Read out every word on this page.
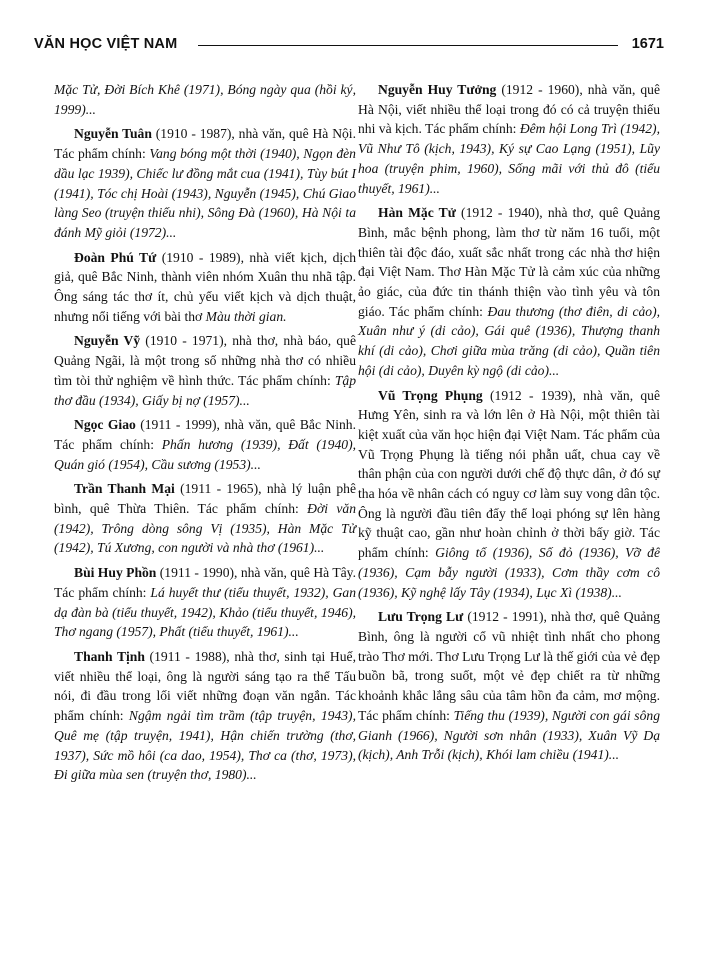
VĂN HỌC VIỆT NAM	1671

Mặc Tử, Đời Bích Khê (1971), Bóng ngày qua (hồi ký, 1999)...

Nguyễn Tuân (1910 - 1987), nhà văn, quê Hà Nội. Tác phẩm chính: Vang bóng một thời (1940), Ngọn đèn dầu lạc 1939), Chiếc lư đồng mắt cua (1941), Tùy bút I (1941), Tóc chị Hoài (1943), Nguyễn (1945), Chú Giao làng Seo (truyện thiếu nhi), Sông Đà (1960), Hà Nội ta đánh Mỹ giỏi (1972)...

Đoàn Phú Tứ (1910 - 1989), nhà viết kịch, dịch giả, quê Bắc Ninh, thành viên nhóm Xuân thu nhã tập. Ông sáng tác thơ ít, chủ yếu viết kịch và dịch thuật, nhưng nổi tiếng với bài thơ Màu thời gian.

Nguyễn Vỹ (1910 - 1971), nhà thơ, nhà báo, quê Quảng Ngãi, là một trong số những nhà thơ có nhiều tìm tòi thử nghiệm về hình thức. Tác phẩm chính: Tập thơ đầu (1934), Giấy bị nợ (1957)...

Ngọc Giao (1911 - 1999), nhà văn, quê Bắc Ninh. Tác phẩm chính: Phấn hương (1939), Đất (1940), Quán gió (1954), Cầu sương (1953)...

Trần Thanh Mại (1911 - 1965), nhà lý luận phê bình, quê Thừa Thiên. Tác phẩm chính: Đời văn (1942), Trông dòng sông Vị (1935), Hàn Mặc Tử (1942), Tú Xương, con người và nhà thơ (1961)...

Bùi Huy Phồn (1911 - 1990), nhà văn, quê Hà Tây. Tác phẩm chính: Lá huyết thư (tiểu thuyết, 1932), Gan dạ đàn bà (tiểu thuyết, 1942), Khảo (tiểu thuyết, 1946), Thơ ngang (1957), Phất (tiểu thuyết, 1961)...

Thanh Tịnh (1911 - 1988), nhà thơ, sinh tại Huế, viết nhiều thể loại, ông là người sáng tạo ra thể Tấu nói, đi đầu trong lối viết những đoạn văn ngắn. Tác phẩm chính: Ngậm ngải tìm trầm (tập truyện, 1943), Quê mẹ (tập truyện, 1941), Hận chiến trường (thơ, 1937), Sức mồ hôi (ca dao, 1954), Thơ ca (thơ, 1973), Đi giữa mùa sen (truyện thơ, 1980)...

Nguyễn Huy Tưởng (1912 - 1960), nhà văn, quê Hà Nội, viết nhiều thể loại trong đó có cả truyện thiếu nhi và kịch. Tác phẩm chính: Đêm hội Long Trì (1942), Vũ Như Tô (kịch, 1943), Ký sự Cao Lạng (1951), Lũy hoa (truyện phim, 1960), Sống mãi với thủ đô (tiểu thuyết, 1961)...

Hàn Mặc Tử (1912 - 1940), nhà thơ, quê Quảng Bình, mắc bệnh phong, làm thơ từ năm 16 tuổi, một thiên tài độc đáo, xuất sắc nhất trong các nhà thơ hiện đại Việt Nam. Thơ Hàn Mặc Tử là cảm xúc của những ảo giác, của đức tin thánh thiện vào tình yêu và tôn giáo. Tác phẩm chính: Đau thương (thơ điên, di cảo), Xuân như ý (di cảo), Gái quê (1936), Thượng thanh khí (di cảo), Chơi giữa mùa trăng (di cảo), Quần tiên hội (di cảo), Duyên kỳ ngộ (di cảo)...

Vũ Trọng Phụng (1912 - 1939), nhà văn, quê Hưng Yên, sinh ra và lớn lên ở Hà Nội, một thiên tài kiệt xuất của văn học hiện đại Việt Nam. Tác phẩm của Vũ Trọng Phụng là tiếng nói phẫn uất, chua cay về thân phận của con người dưới chế độ thực dân, ở đó sự tha hóa về nhân cách có nguy cơ làm suy vong dân tộc. Ông là người đầu tiên đẩy thể loại phóng sự lên hàng kỹ thuật cao, gần như hoàn chỉnh ở thời bấy giờ. Tác phẩm chính: Giông tố (1936), Số đỏ (1936), Vỡ đê (1936), Cạm bẫy người (1933), Cơm thầy cơm cô (1936), Kỹ nghệ lấy Tây (1934), Lục Xì (1938)...

Lưu Trọng Lư (1912 - 1991), nhà thơ, quê Quảng Bình, ông là người cổ vũ nhiệt tình nhất cho phong trào Thơ mới. Thơ Lưu Trọng Lư là thế giới của vẻ đẹp buồn bã, trong suốt, một vẻ đẹp chiết ra từ những khoảnh khắc lắng sâu của tâm hồn đa cảm, mơ mộng. Tác phẩm chính: Tiếng thu (1939), Người con gái sông Gianh (1966), Người sơn nhân (1933), Xuân Vỹ Dạ (kịch), Anh Trỗi (kịch), Khói lam chiều (1941)...
